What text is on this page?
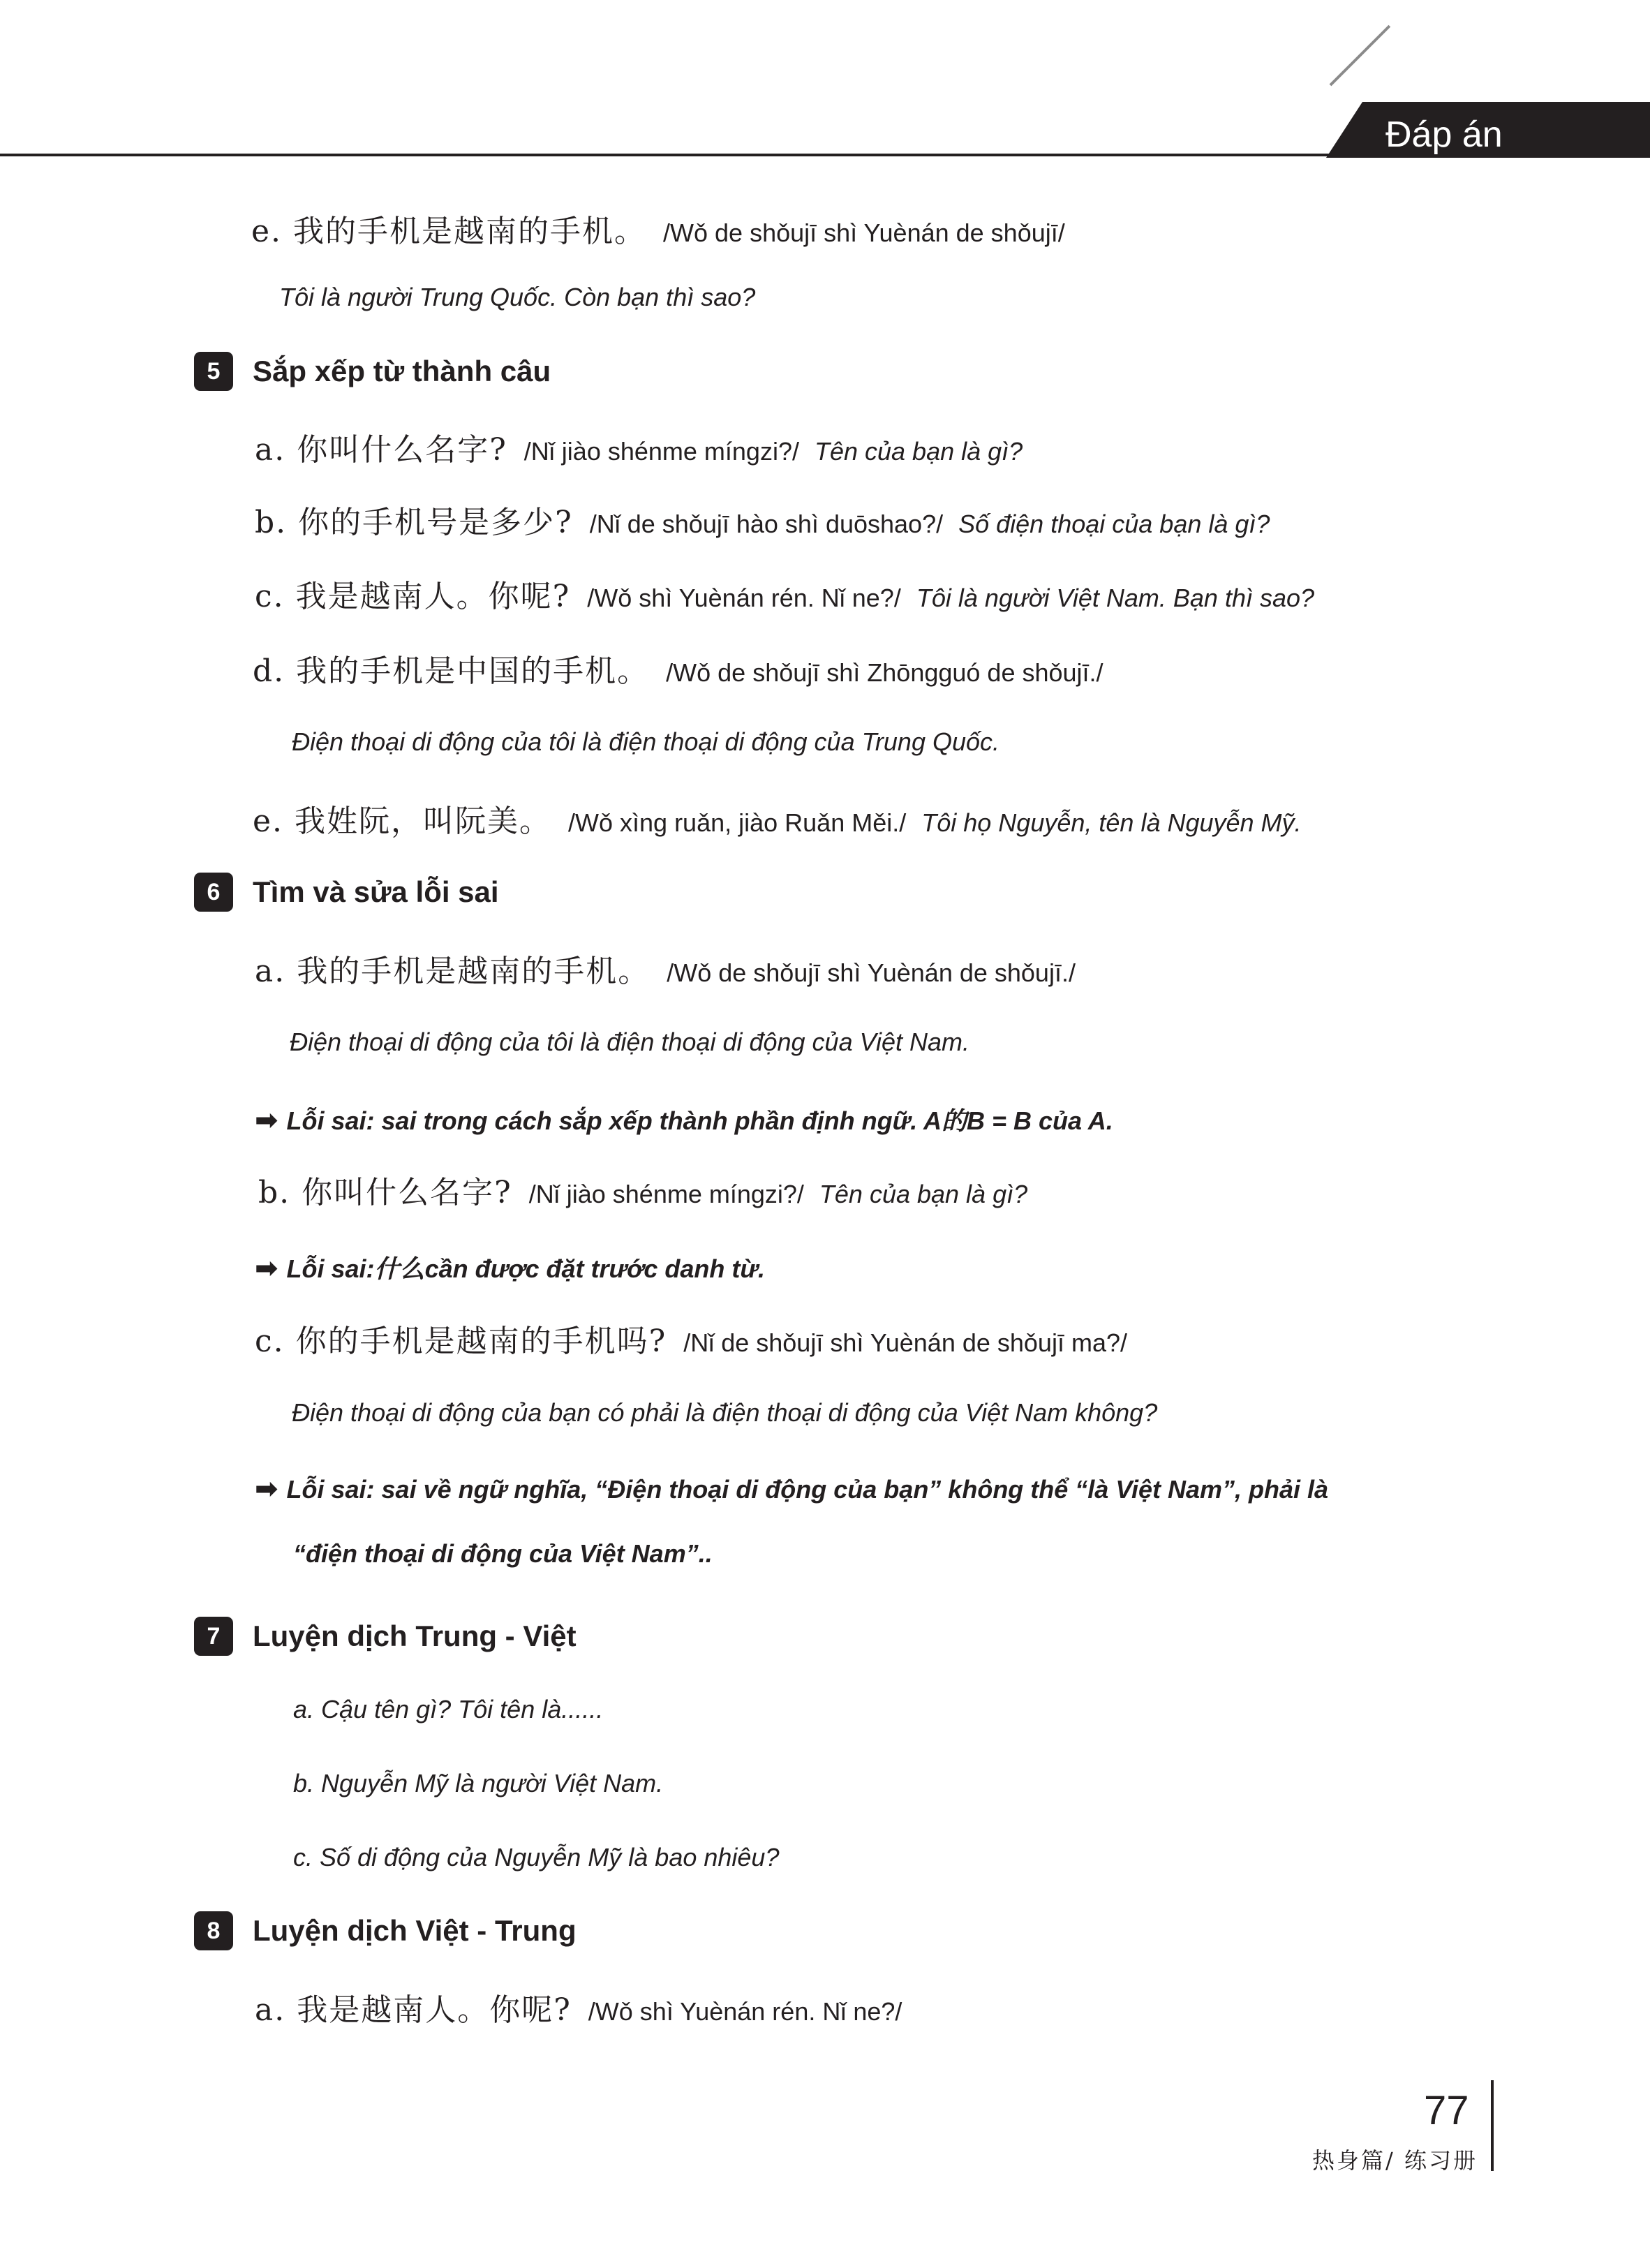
Đáp án
e. 我的手机是越南的手机。 /Wǒ de shǒujī shì Yuènán de shǒujī/
Tôi là người Trung Quốc. Còn bạn thì sao?
5	Sắp xếp từ thành câu
a. 你叫什么名字? /Nǐ jiào shénme míngzi?/ Tên của bạn là gì?
b. 你的手机号是多少? /Nǐ de shǒujī hào shì duōshao?/ Số điện thoại của bạn là gì?
c. 我是越南人。你呢? /Wǒ shì Yuènán rén. Nǐ ne?/ Tôi là người Việt Nam. Bạn thì sao?
d. 我的手机是中国的手机。 /Wǒ de shǒujī shì Zhōngguó de shǒujī./
Điện thoại di động của tôi là điện thoại di động của Trung Quốc.
e. 我姓阮，叫阮美。 /Wǒ xìng ruǎn, jiào Ruǎn Měi./ Tôi họ Nguyễn, tên là Nguyễn Mỹ.
6	Tìm và sửa lỗi sai
a. 我的手机是越南的手机。 /Wǒ de shǒujī shì Yuènán de shǒujī./
Điện thoại di động của tôi là điện thoại di động của Việt Nam.
➡ Lỗi sai: sai trong cách sắp xếp thành phần định ngữ. A 的 B = B của A.
b. 你叫什么名字? /Nǐ jiào shénme míngzi?/ Tên của bạn là gì?
➡ Lỗi sai: 什么 cần được đặt trước danh từ.
c. 你的手机是越南的手机吗? /Nǐ de shǒujī shì Yuènán de shǒujī ma?/
Điện thoại di động của bạn có phải là điện thoại di động của Việt Nam không?
➡ Lỗi sai: sai về ngữ nghĩa, “Điện thoại di động của bạn” không thể “là Việt Nam”, phải là
“điện thoại di động của Việt Nam”..
7	Luyện dịch Trung - Việt
a. Cậu tên gì? Tôi tên là......
b. Nguyễn Mỹ là người Việt Nam.
c. Số di động của Nguyễn Mỹ là bao nhiêu?
8	Luyện dịch Việt - Trung
a. 我是越南人。你呢? /Wǒ shì Yuènán rén. Nǐ ne?/
77
热身篇/ 练习册
